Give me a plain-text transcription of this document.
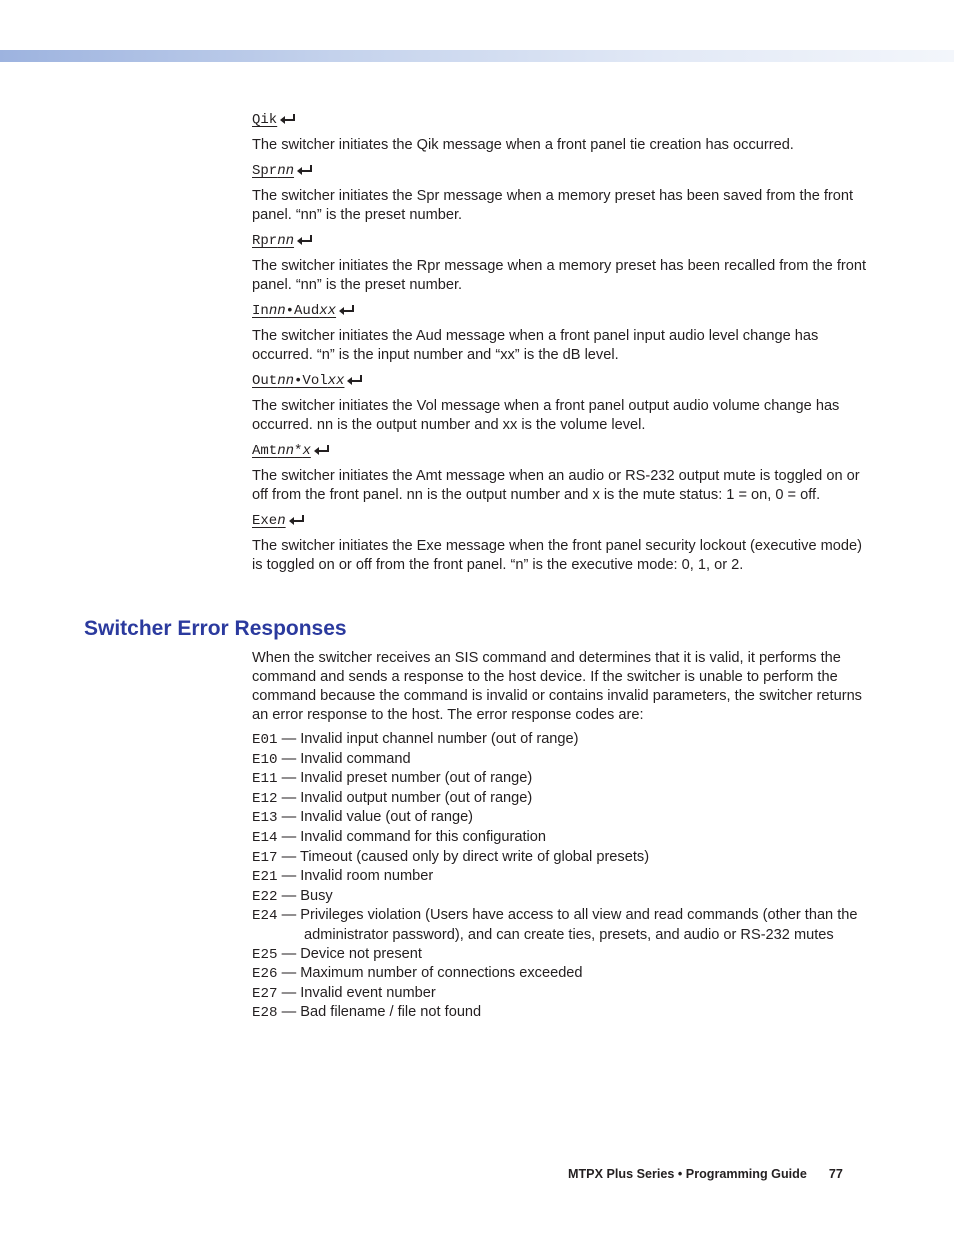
Qik

The switcher initiates the Qik message when a front panel tie creation has occurred.

Sprnn

The switcher initiates the Spr message when a memory preset has been saved from the front panel. “nn” is the preset number.

Rprnn

The switcher initiates the Rpr message when a memory preset has been recalled from the front panel. “nn” is the preset number.

Innn•Audxx

The switcher initiates the Aud message when a front panel input audio level change has occurred. “n” is the input number and “xx” is the dB level.

Outnn•Volxx

The switcher initiates the Vol message when a front panel output audio volume change has occurred. nn is the output number and xx is the volume level.

Amtnn*x

The switcher initiates the Amt message when an audio or RS-232 output mute is toggled on or off from the front panel. nn is the output number and x is the mute status: 1 = on, 0 = off.

Exen

The switcher initiates the Exe message when the front panel security lockout (executive mode) is toggled on or off from the front panel. “n” is the executive mode: 0, 1, or 2.

Switcher Error Responses

When the switcher receives an SIS command and determines that it is valid, it performs the command and sends a response to the host device. If the switcher is unable to perform the command because the command is invalid or contains invalid parameters, the switcher returns an error response to the host. The error response codes are:

E01 — Invalid input channel number (out of range)
E10 — Invalid command
E11 — Invalid preset number (out of range)
E12 — Invalid output number (out of range)
E13 — Invalid value (out of range)
E14 — Invalid command for this configuration
E17 — Timeout (caused only by direct write of global presets)
E21 — Invalid room number
E22 — Busy
E24 — Privileges violation (Users have access to all view and read commands (other than the administrator password), and can create ties, presets, and audio or RS-232 mutes
E25 — Device not present
E26 — Maximum number of connections exceeded
E27 — Invalid event number
E28 — Bad filename / file not found
MTPX Plus Series • Programming Guide 77
